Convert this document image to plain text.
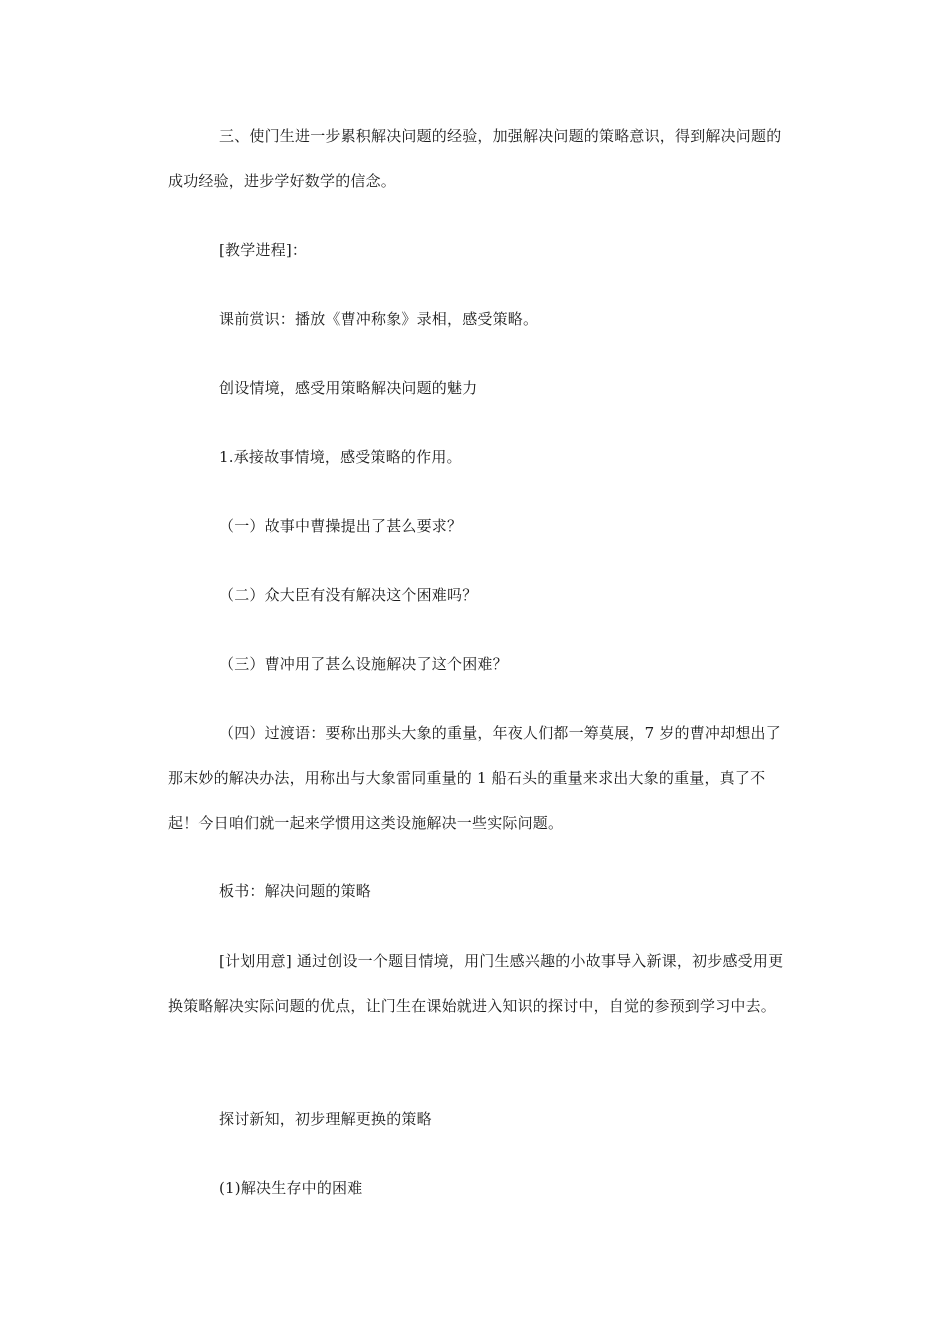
三、使门生进一步累积解决问题的经验，加强解决问题的策略意识，得到解决问题的成功经验，进步学好数学的信念。

[教学进程]：

课前赏识：播放《曹冲称象》录相，感受策略。

创设情境，感受用策略解决问题的魅力

1.承接故事情境，感受策略的作用。

（一）故事中曹操提出了甚么要求？

（二）众大臣有没有解决这个困难吗？

（三）曹冲用了甚么设施解决了这个困难？

（四）过渡语：要称出那头大象的重量，年夜人们都一筹莫展，7 岁的曹冲却想出了那末妙的解决办法，用称出与大象雷同重量的 1 船石头的重量来求出大象的重量，真了不起！今日咱们就一起来学惯用这类设施解决一些实际问题。

板书：解决问题的策略

[计划用意] 通过创设一个题目情境，用门生感兴趣的小故事导入新课，初步感受用更换策略解决实际问题的优点，让门生在课始就进入知识的探讨中，自觉的参预到学习中去。

探讨新知，初步理解更换的策略

(1)解决生存中的困难
